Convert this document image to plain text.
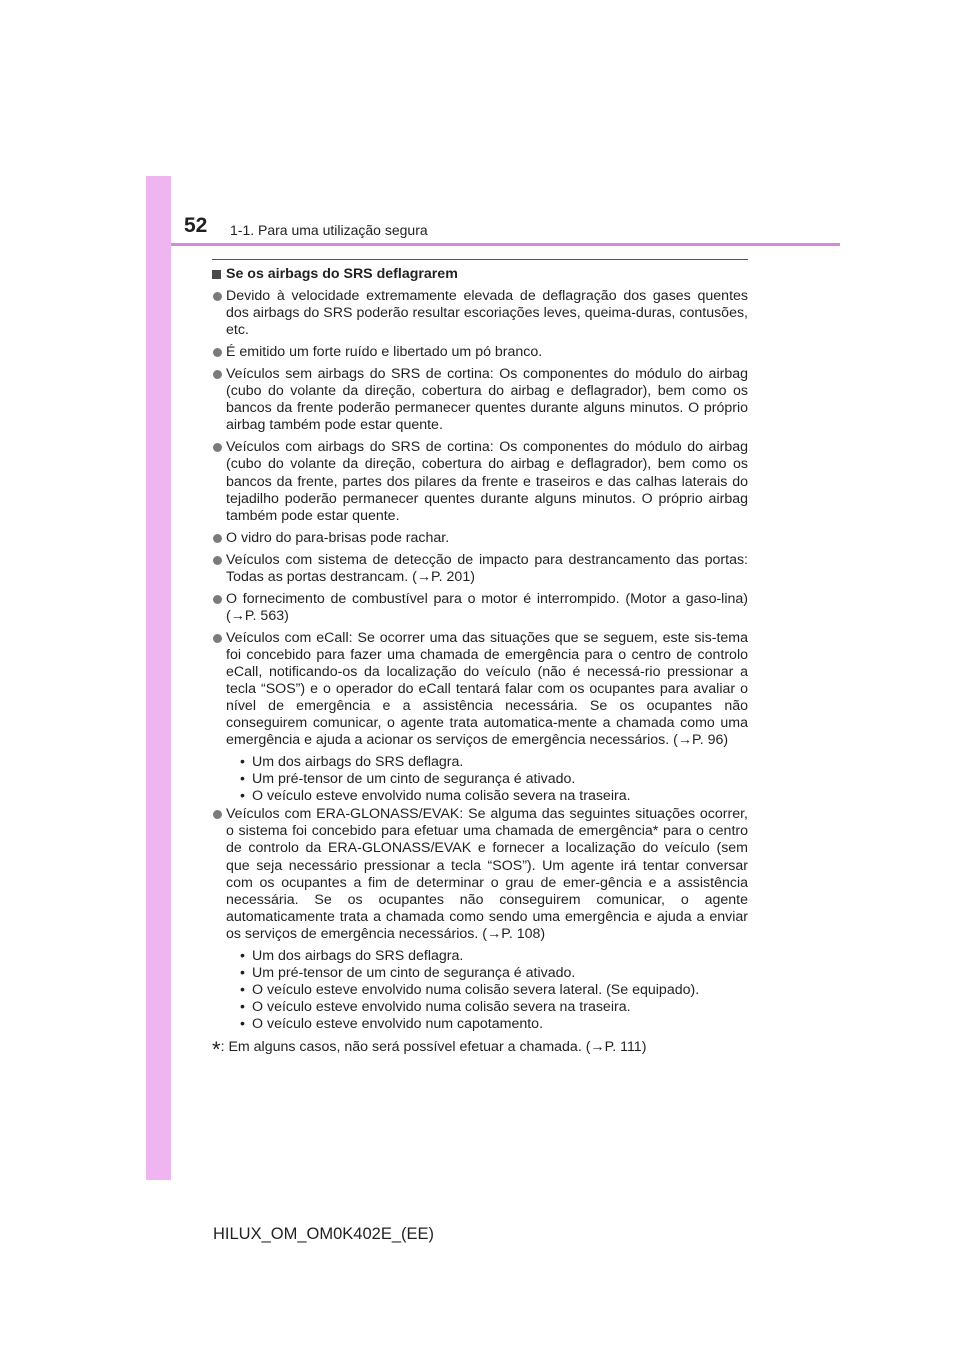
52 1-1. Para uma utilização segura
Se os airbags do SRS deflagrarem
Devido à velocidade extremamente elevada de deflagração dos gases quentes dos airbags do SRS poderão resultar escoriações leves, queima-duras, contusões, etc.
É emitido um forte ruído e libertado um pó branco.
Veículos sem airbags do SRS de cortina: Os componentes do módulo do airbag (cubo do volante da direção, cobertura do airbag e deflagrador), bem como os bancos da frente poderão permanecer quentes durante alguns minutos. O próprio airbag também pode estar quente.
Veículos com airbags do SRS de cortina: Os componentes do módulo do airbag (cubo do volante da direção, cobertura do airbag e deflagrador), bem como os bancos da frente, partes dos pilares da frente e traseiros e das calhas laterais do tejadilho poderão permanecer quentes durante alguns minutos. O próprio airbag também pode estar quente.
O vidro do para-brisas pode rachar.
Veículos com sistema de detecção de impacto para destrancamento das portas: Todas as portas destrancam. (→P. 201)
O fornecimento de combustível para o motor é interrompido. (Motor a gaso-lina) (→P. 563)
Veículos com eCall: Se ocorrer uma das situações que se seguem, este sis-tema foi concebido para fazer uma chamada de emergência para o centro de controlo eCall, notificando-os da localização do veículo (não é necessá-rio pressionar a tecla “SOS”) e o operador do eCall tentará falar com os ocupantes para avaliar o nível de emergência e a assistência necessária. Se os ocupantes não conseguirem comunicar, o agente trata automatica-mente a chamada como uma emergência e ajuda a acionar os serviços de emergência necessários. (→P. 96)
• Um dos airbags do SRS deflagra.
• Um pré-tensor de um cinto de segurança é ativado.
• O veículo esteve envolvido numa colisão severa na traseira.
Veículos com ERA-GLONASS/EVAK: Se alguma das seguintes situações ocorrer, o sistema foi concebido para efetuar uma chamada de emergência* para o centro de controlo da ERA-GLONASS/EVAK e fornecer a localização do veículo (sem que seja necessário pressionar a tecla “SOS”). Um agente irá tentar conversar com os ocupantes a fim de determinar o grau de emer-gência e a assistência necessária. Se os ocupantes não conseguirem comunicar, o agente automaticamente trata a chamada como sendo uma emergência e ajuda a enviar os serviços de emergência necessários. (→P. 108)
• Um dos airbags do SRS deflagra.
• Um pré-tensor de um cinto de segurança é ativado.
• O veículo esteve envolvido numa colisão severa lateral. (Se equipado).
• O veículo esteve envolvido numa colisão severa na traseira.
• O veículo esteve envolvido num capotamento.
*: Em alguns casos, não será possível efetuar a chamada. (→P. 111)
HILUX_OM_OM0K402E_(EE)
